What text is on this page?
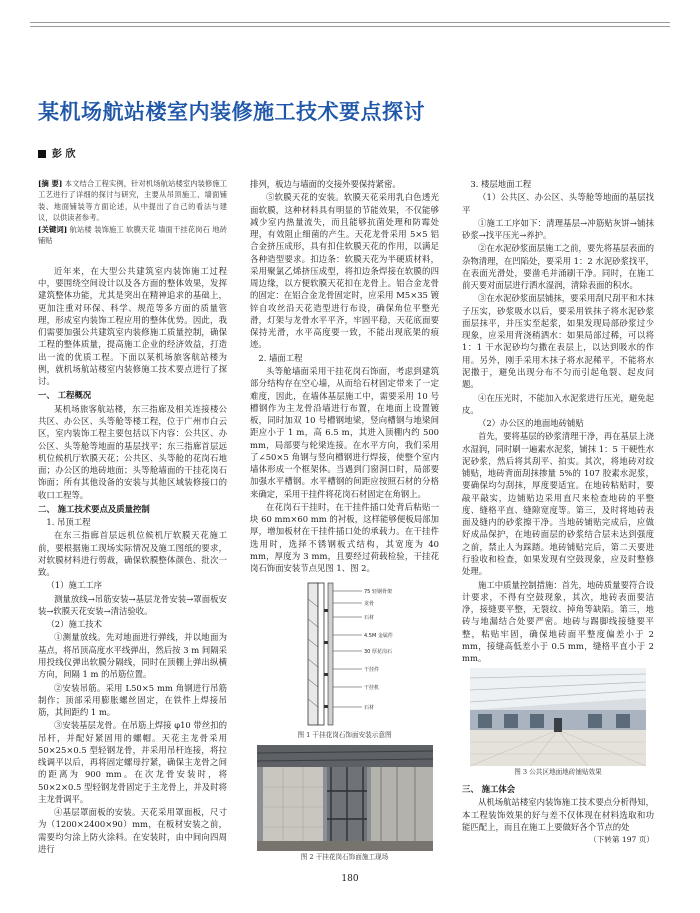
某机场航站楼室内装修施工技术要点探讨
彭 欣

[摘 要] 本文结合工程实例，针对机场航站楼室内装修施工工艺进行了详细的探讨与研究，主要从吊顶施工、墙面铺装、地面铺装等方面论述，从中提出了自己的看法与建议，以供读者参考。

[关键词] 航站楼 装饰施工 软膜天花 墙面干挂花岗石 地砖铺贴

近年来，在大型公共建筑室内装饰施工过程中，要围绕空间设计以及各方面的整体效果，发挥建筑整体功能，尤其是突出在精神追求的基础上，更加注重对环保、科学、规范等多方面的质量管理，形成室内装饰工程应用的整体优势。因此，我们需要加强公共建筑室内装修施工质量控制，确保工程的整体质量，提高施工企业的经济效益，打造出一流的优质工程。下面以某机场旅客航站楼为例，就机场航站楼室内装修施工技术要点进行了探讨。

一、 工程概况

某机场旅客航站楼，东三指廊及相关连接楼公共区、办公区、头等舱等楼工程，位于广州市白云区，室内装饰工程主要包括以下内容：公共区、办公区、头等舱等地面的基层找平；东三指廊首层远机位候机厅软膜天花；公共区、头等舱的花岗石地面；办公区的地砖地面；头等舱墙面的干挂花岗石饰面；所有其他设备的安装与其他区域装修接口的收口工程等。

二、 施工技术要点及质量控制

1. 吊顶工程

在东三指廊首层远机位候机厅软膜天花施工前，要根据施工现场实际情况及施工图纸的要求，对软膜材料进行剪裁，确保软膜整体颜色、批次一致。

（1）施工工序

测量放线→吊筋安装→基层龙骨安装→罩面板安装→软膜天花安装→清洁验收。

（2）施工技术

①测量放线。先对地面进行弹线，并以地面为基点，将吊顶高度水平线弹出，然后按 3 m 间隔采用投线仪弹出软膜分隔线，同时在顶棚上弹出纵横方向，间隔 1 m 的吊筋位置。

②安装吊筋。采用 L50×5 mm 角钢进行吊筋制作；顶部采用膨胀螺丝固定，在铁件上焊接吊筋，其间距约 1 m。

③安装基层龙骨。在吊筋上焊接 φ10 带丝扣的吊杆，并配好紧固用的螺帽。天花主龙骨采用 50×25×0.5 型轻钢龙骨，并采用吊杆连接，将拉线调平以后，再将固定螺母拧紧，确保主龙骨之间的距离为 900 mm。在次龙骨安装时，将 50×2×0.5 型轻钢龙骨固定于主龙骨上，并及时将主龙骨调平。

④基层罩面板的安装。天花采用罩面板，尺寸为（1200×2400×90）mm，在板材安装之前，需要均匀涂上防火涂料。在安装时，由中间向四周进行

排列，板边与墙面的交接外要保持紧密。

⑤软膜天花的安装。软膜天花采用乳白色透光面软膜，这种材料具有明显的节能效果，不仅能够减少室内热量流失，而且能够抗菌处理和防霉处理，有效阻止细菌的产生。天花龙骨采用 5×5 铝合金挤压成形，具有扣住软膜天花的作用，以满足各种造型要求。扣边条：软膜天花为半硬质材料，采用聚氯乙烯挤压成型，将扣边条焊接在软膜的四周边缘，以方便软膜天花扣在龙骨上。铝合金龙骨的固定：在铝合金龙骨固定时，应采用 M5×35 镀锌自攻丝沿天花造型进行布设，确保角位平整光滑，灯架与龙骨水平平齐，牢固平稳，天花底面要保持光滑，水平高度要一致，不能出现底架的痕迹。

2. 墙面工程

头等舱墙面采用干挂花岗石饰面，考虑到建筑部分结构存在空心墙，从而给石材固定带来了一定难度，因此，在墙体基层施工中，需要采用 10 号槽钢作为主龙骨沿墙进行布置，在地面上设置镀板，同时加双 10 号槽钢地梁，竖向槽钢与地梁间距应小于 1 m，高 6.5 m，其进入顶棚内约 500 mm，局部要与轮梁连接。在水平方向，我们采用了∠50×5 角钢与竖向槽钢进行焊接，使整个室内墙体形成一个框架体。当遇到门窗洞口时，局部要加强水平槽钢。水平槽钢的间距应按照石材的分格来确定，采用干挂件将花岗石材固定在角钢上。

在花岗石干挂时，在干挂件插口处背后粘贴一块 60 mm×60 mm 的衬板，这样能够便板局部加厚，增加板材在干挂件插口处的承载力。在干挂件选用时，选择不锈钢板式结构，其宽度为 40 mm，厚度为 3 mm，且要经过荷载检验，干挂花岗石饰面安装节点见图 1、图 2。

75 轻钢骨架
龙骨
石材
4.5M 金属件
30 厚花岗石
干挂件
干挂机
石材

图 1 干挂花岗石饰面安装示意图

图 2 干挂花岗石饰面施工现场

3. 楼层地面工程

（1）公共区、办公区、头等舱等地面的基层找平

①施工工序如下：清理基层→冲筋贴灰饼→铺抹砂浆→找平压光→养护。

②在水泥砂浆面层施工之前，要先将基层表面的杂物清理，在凹陷处，要采用 1：2 水泥砂浆找平，在表面光滑处，要凿毛并涌刷干净。同时，在施工前天要对面层进行洒水湿润，清除表面的积水。

③在水泥砂浆面层铺抹，要采用刮尺刮平和木抹子压实，砂浆吸水以后，要采用铁抹子将水泥砂浆面层抹平，并压实至起浆，如果发现局部砂浆过少现象，应采用背浇稍洒水：如果局部过稀，可以将 1：1 干水泥砂均匀撒在表层上，以达到吸水的作用。另外，刚手采用木抹子将水泥稀平，不能将水泥撒于，避免出现分布不匀而引起龟裂、起皮问题。

④在压光时，不能加入水泥浆进行压光，避免起皮。

（2）办公区的地面地砖铺贴

首先，要将基层的砂浆清理干净，再在基层上浇水湿润，同时刷一遍素水泥浆，铺抹 1：5 干硬性水泥砂浆，然后将其刮平、拍实。其次，将地砖对纹铺贴，地砖背面刮抹掺量 5%的 107 胶素水泥浆，要确保均匀刮抹，厚度要适宜。在地砖粘贴时，要敲平敲实，边铺贴边采用直尺来检查地砖的平整度、缝格平直、缝隙宽度等。第三，及时将地砖表面及缝内的砂浆擦干净。当地砖铺贴完成后，应做好成品保护，在地砖面层的砂浆结合层未达到强度之前，禁止人为踩踏。地砖铺贴完后，第二天要进行验收和检查，如果发现有空鼓现象，应及时整修处理。

施工中质量控制措施：首先，地砖质量要符合设计要求，不得有空鼓现象，其次，地砖表面要洁净，接缝要平整，无裂纹、掉角等缺陷。第三，地砖与地漏结合处要严密。地砖与踢脚线接缝要平整，粘贴牢固，确保地砖面平整度偏差小于 2 mm，接缝高低差小于 0.5 mm，缝格平直小于 2 mm。

图 3 公共区地面地砖铺贴效果

三、 施工体会

从机场航站楼室内装饰施工技术要点分析得知，本工程装饰效果的好与差不仅体现在材料选取和功能匹配上，而且在施工上要做好各个节点的处

（下转第 197 页）

180
